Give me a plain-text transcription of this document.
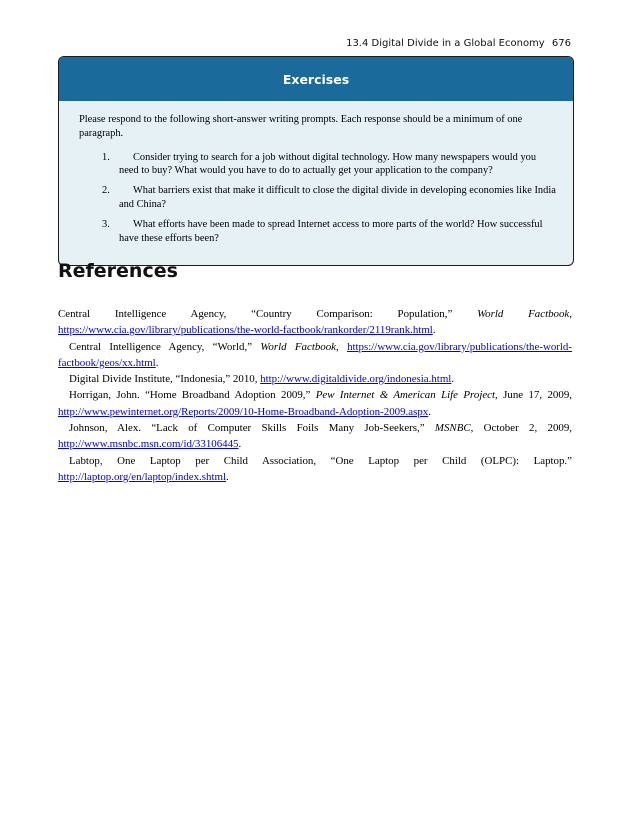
13.4 Digital Divide in a Global Economy 676
Exercises

Please respond to the following short-answer writing prompts. Each response should be a minimum of one paragraph.

1.	Consider trying to search for a job without digital technology. How many newspapers would you need to buy? What would you have to do to actually get your application to the company?
2.	What barriers exist that make it difficult to close the digital divide in developing economies like India and China?
3.	What efforts have been made to spread Internet access to more parts of the world? How successful have these efforts been?
References

Central Intelligence Agency, “Country Comparison: Population,” World Factbook, https://www.cia.gov/library/publications/the-world-factbook/rankorder/2119rank.html.

Central Intelligence Agency, “World,” World Factbook, https://www.cia.gov/library/publications/the-world-factbook/geos/xx.html.

Digital Divide Institute, “Indonesia,” 2010, http://www.digitaldivide.org/indonesia.html.

Horrigan, John. “Home Broadband Adoption 2009,” Pew Internet & American Life Project, June 17, 2009, http://www.pewinternet.org/Reports/2009/10-Home-Broadband-Adoption-2009.aspx.

Johnson, Alex. “Lack of Computer Skills Foils Many Job-Seekers,” MSNBC, October 2, 2009, http://www.msnbc.msn.com/id/33106445.

Labtop, One Laptop per Child Association, “One Laptop per Child (OLPC): Laptop.” http://laptop.org/en/laptop/index.shtml.
